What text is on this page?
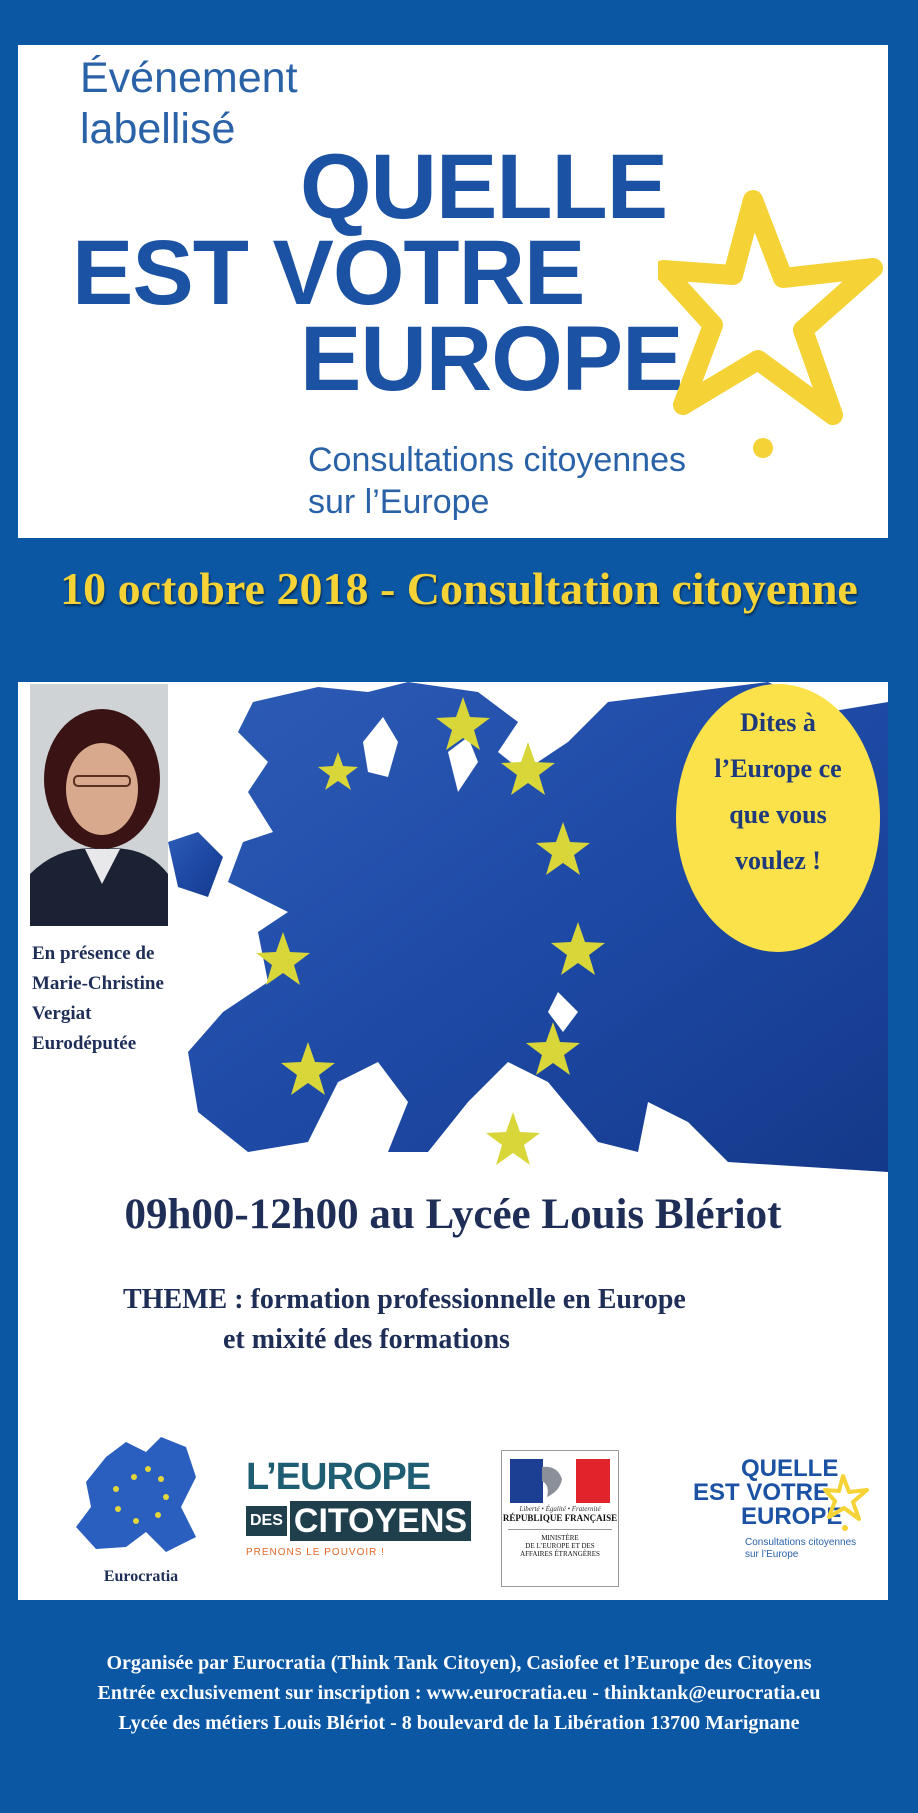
Événement
labellisé
QUELLE
EST VOTRE
EUROPE
Consultations citoyennes
sur l’Europe
10 octobre 2018 - Consultation citoyenne
En présence de
Marie-Christine
Vergiat
Eurodéputée
Dites à
l’Europe ce
que vous
voulez !
09h00-12h00 au Lycée Louis Blériot
THEME : formation professionnelle en Europe
et mixité des formations
Eurocratia
L’EUROPE
DES CITOYENS
PRENONS LE POUVOIR !
Liberté • Égalité • Fraternité
RÉPUBLIQUE FRANÇAISE
MINISTÈRE
DE L’EUROPE ET DES
AFFAIRES ÉTRANGÈRES
QUELLE
EST VOTRE
EUROPE
Consultations citoyennes
sur l’Europe
Organisée par Eurocratia (Think Tank Citoyen), Casiofee et l’Europe des Citoyens
Entrée exclusivement sur inscription : www.eurocratia.eu - thinktank@eurocratia.eu
Lycée des métiers Louis Blériot - 8 boulevard de la Libération 13700 Marignane
